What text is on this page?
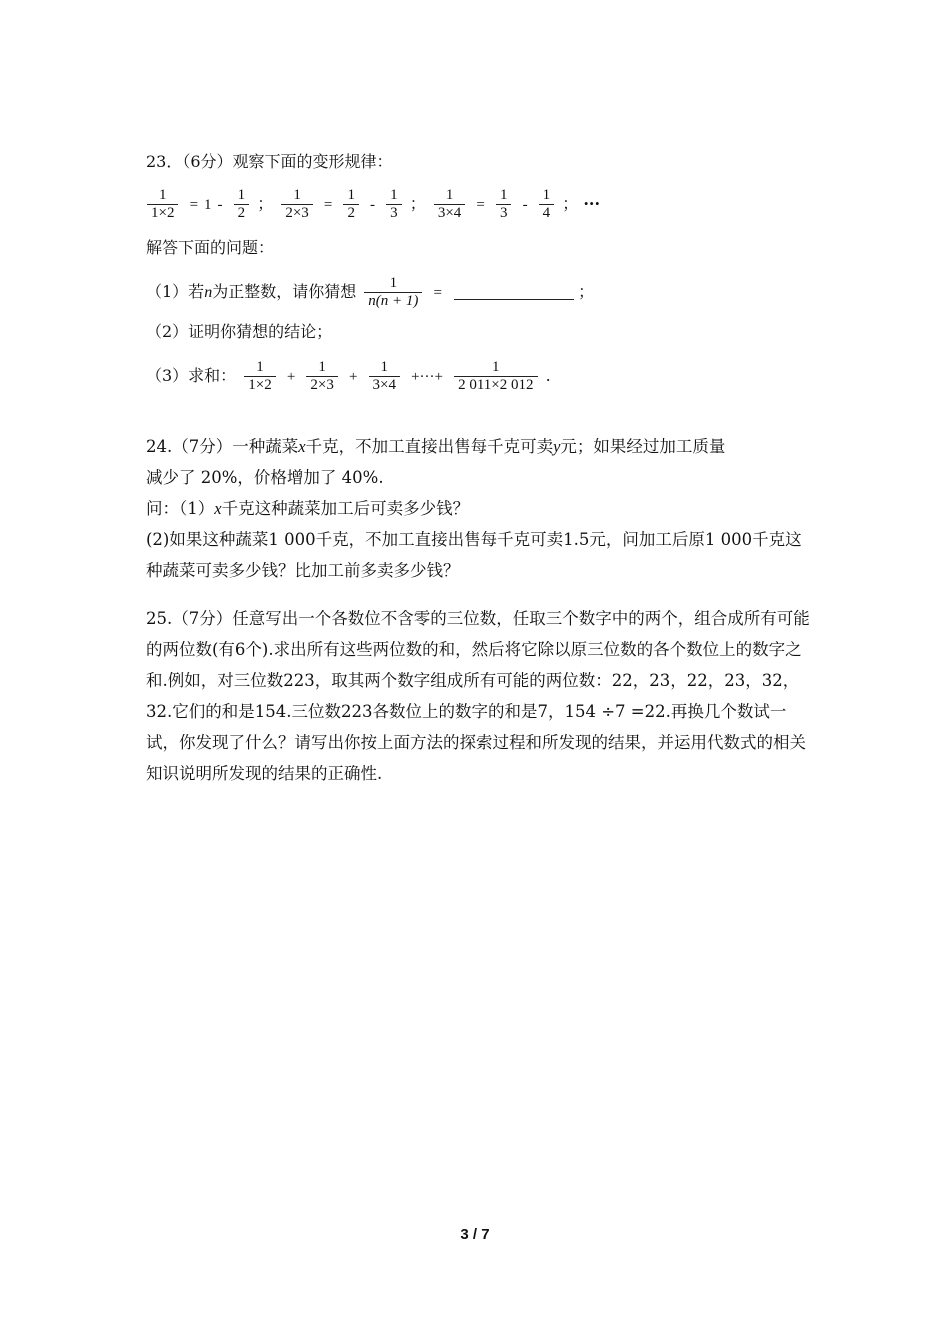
23．（6分）观察下面的变形规律：
$\frac{1}{1\times 2} = 1 - \frac{1}{2}$ ； $\frac{1}{2\times 3} = \frac{1}{2} - \frac{1}{3}$ ； $\frac{1}{3\times 4} = \frac{1}{3} - \frac{1}{4}$ ； ···
解答下面的问题：
（1）若n为正整数，请你猜想 $\frac{1}{n(n + 1)}$ =	；
（2）证明你猜想的结论；
（3）求和： $\frac{1}{1\times 2} + \frac{1}{2\times 3} + \frac{1}{3\times 4}$ +···+ $\frac{1}{2 011\times 2 012}$ .
24.（7分）一种蔬菜x千克，不加工直接出售每千克可卖y元；如果经过加工质量
减少了 20%，价格增加了 40%.
问：（1）x千克这种蔬菜加工后可卖多少钱？
(2)如果这种蔬菜1 000千克，不加工直接出售每千克可卖1.5元，问加工后原1 000千克这种蔬菜可卖多少钱？比加工前多卖多少钱？
25.（7分）任意写出一个各数位不含零的三位数，任取三个数字中的两个，组合成所有可能的两位数(有6个).求出所有这些两位数的和，然后将它除以原三位数的各个数位上的数字之和.例如，对三位数223，取其两个数字组成所有可能的两位数：22，23，22，23，32，32.它们的和是154.三位数223各数位上的数字的和是7，154 ÷7 =22.再换几个数试一试，你发现了什么？请写出你按上面方法的探索过程和所发现的结果，并运用代数式的相关知识说明所发现的结果的正确性.
3 / 7
